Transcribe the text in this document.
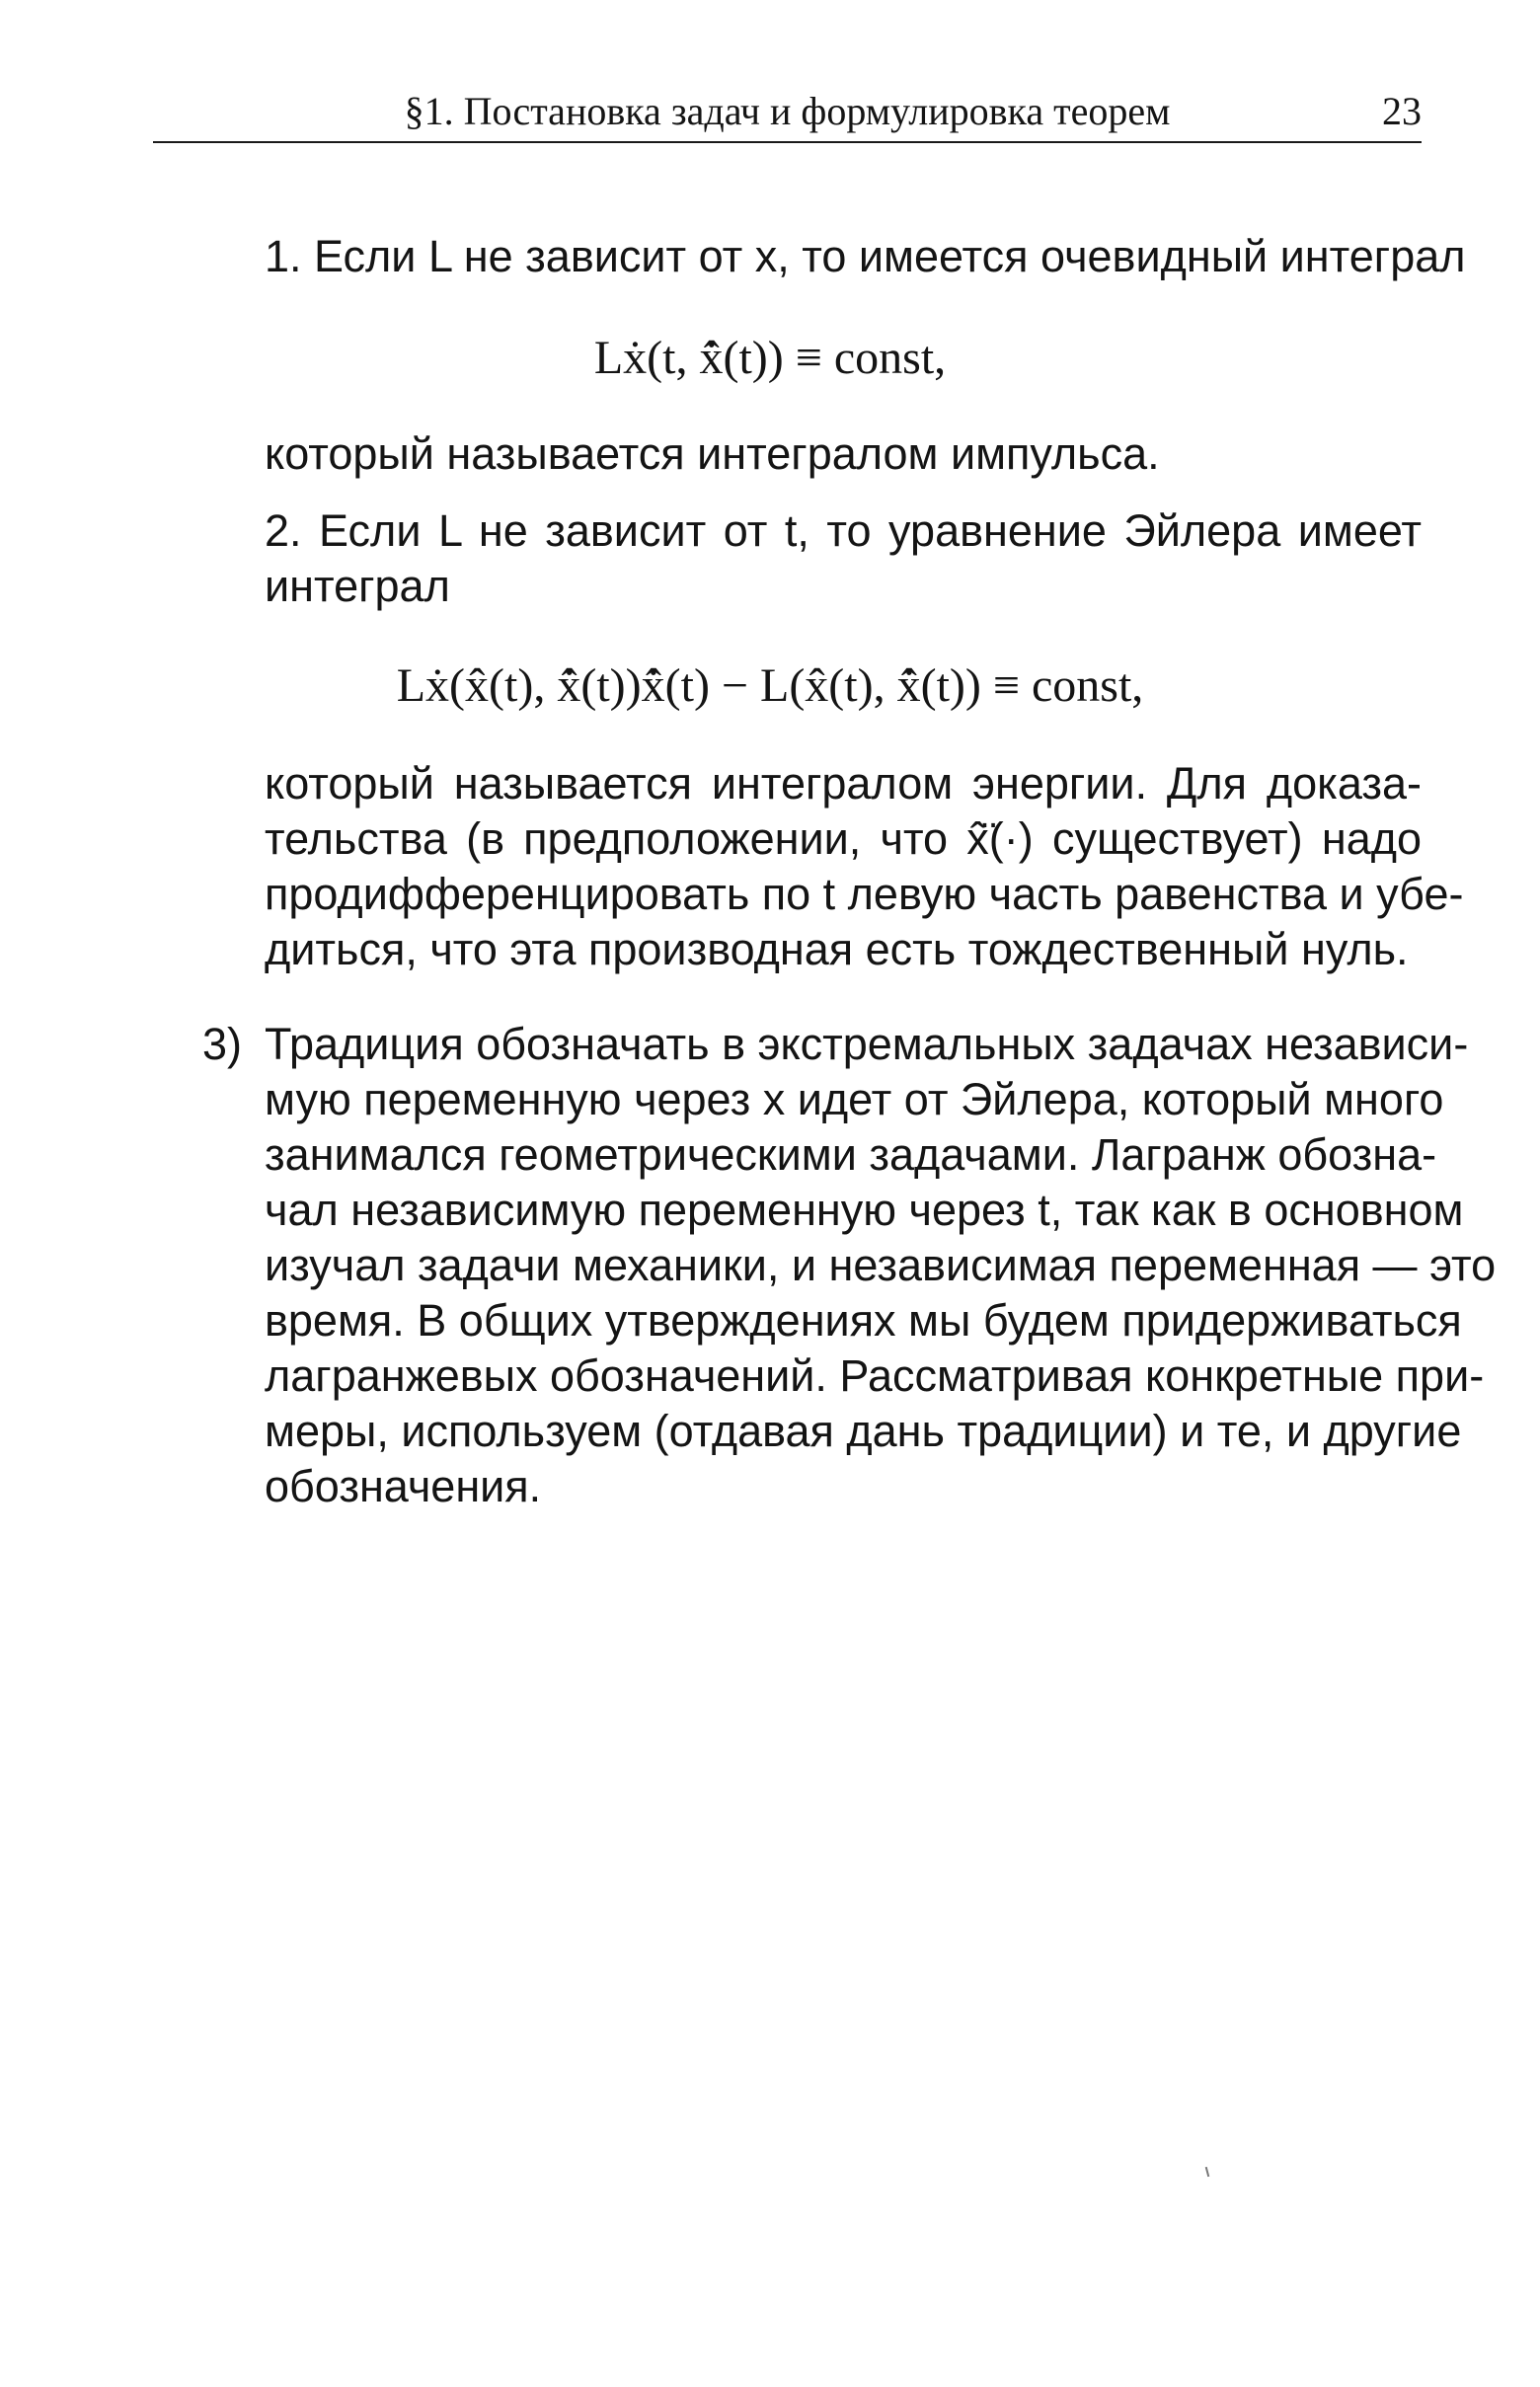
§1. Постановка задач и формулировка теорем	23
1. Если L не зависит от x, то имеется очевидный интеграл
Lẋ(t, x̂̇(t)) ≡ const,
который называется интегралом импульса.
2. Если L не зависит от t, то уравнение Эйлера имеет
интеграл
Lẋ(x̂(t), x̂̇(t))x̂̇(t) − L(x̂(t), x̂̇(t)) ≡ const,
который называется интегралом энергии. Для доказа-
тельства (в предположении, что x̂̈(·) существует) надо
продифференцировать по t левую часть равенства и убе-
диться, что эта производная есть тождественный нуль.
3) Традиция обозначать в экстремальных задачах независи-
мую переменную через x идет от Эйлера, который много
занимался геометрическими задачами. Лагранж обозна-
чал независимую переменную через t, так как в основном
изучал задачи механики, и независимая переменная — это
время. В общих утверждениях мы будем придерживаться
лагранжевых обозначений. Рассматривая конкретные при-
меры, используем (отдавая дань традиции) и те, и другие
обозначения.
